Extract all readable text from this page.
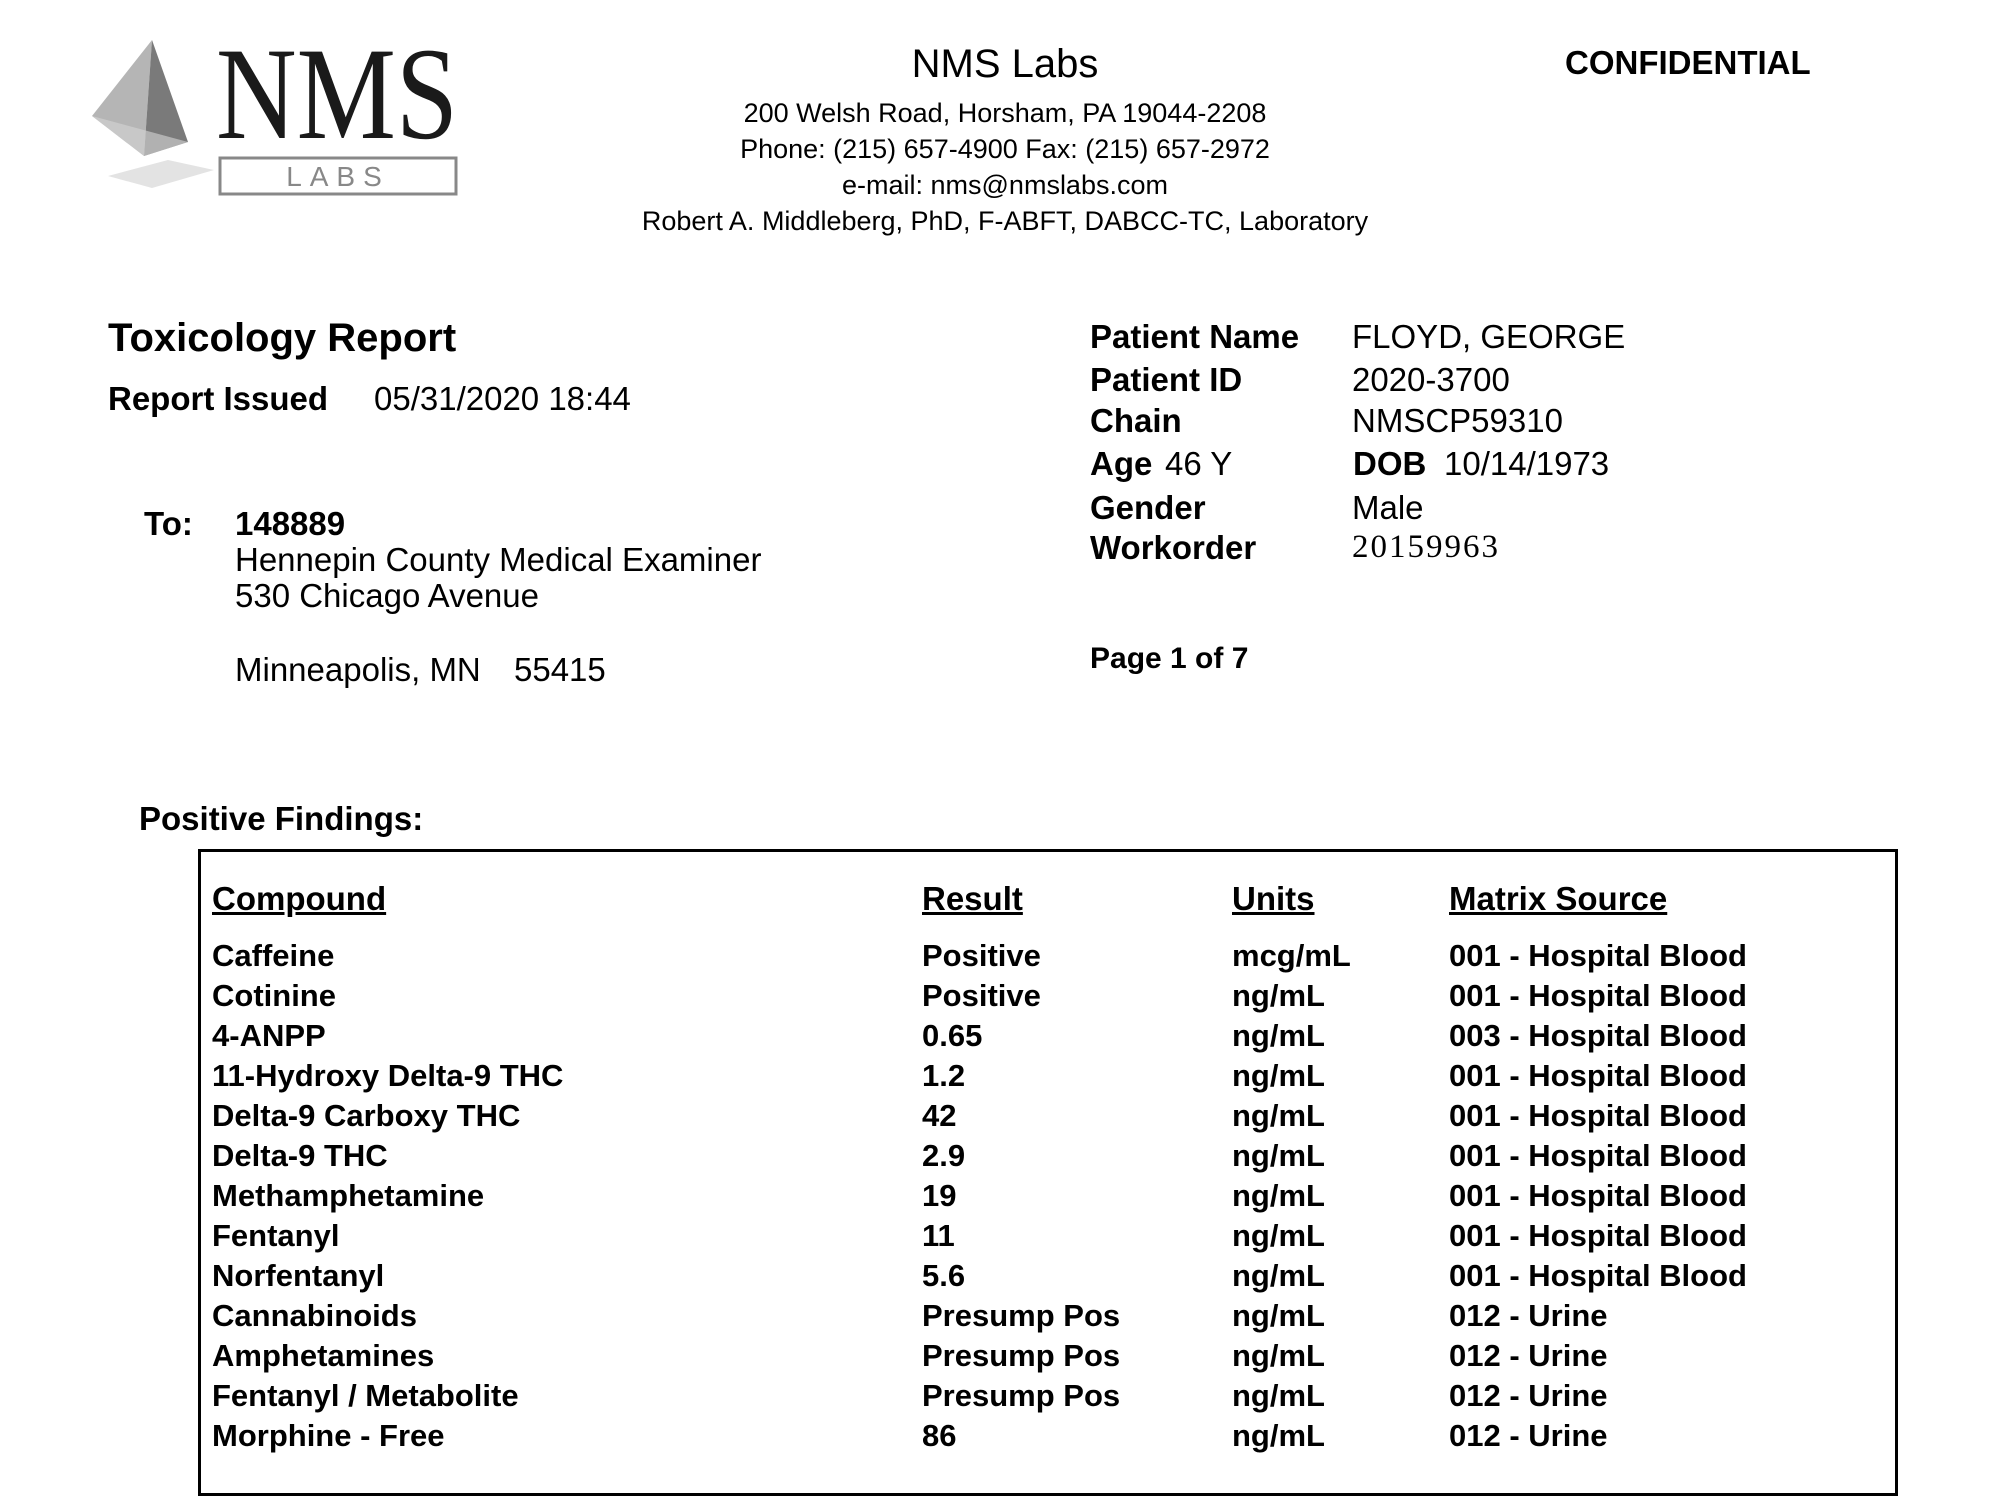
NMS
LABS
NMS Labs
200 Welsh Road, Horsham, PA 19044-2208
Phone: (215) 657-4900 Fax: (215) 657-2972
e-mail: nms@nmslabs.com
Robert A. Middleberg, PhD, F-ABFT, DABCC-TC, Laboratory
CONFIDENTIAL
Toxicology Report
Report Issued 05/31/2020 18:44
To: 148889
Hennepin County Medical Examiner
530 Chicago Avenue
Minneapolis, MN 55415
Patient Name FLOYD, GEORGE
Patient ID	2020-3700
Chain	NMSCP59310
Age 46 Y	DOB 10/14/1973
Gender	Male
Workorder	20159963
Page 1 of 7
Positive Findings:
Compound	Result	Units	Matrix Source
Caffeine	Positive	mcg/mL	001 - Hospital Blood
Cotinine	Positive	ng/mL	001 - Hospital Blood
4-ANPP	0.65	ng/mL	003 - Hospital Blood
11-Hydroxy Delta-9 THC	1.2	ng/mL	001 - Hospital Blood
Delta-9 Carboxy THC	42	ng/mL	001 - Hospital Blood
Delta-9 THC	2.9	ng/mL	001 - Hospital Blood
Methamphetamine	19	ng/mL	001 - Hospital Blood
Fentanyl	11	ng/mL	001 - Hospital Blood
Norfentanyl	5.6	ng/mL	001 - Hospital Blood
Cannabinoids	Presump Pos	ng/mL	012 - Urine
Amphetamines	Presump Pos	ng/mL	012 - Urine
Fentanyl / Metabolite	Presump Pos	ng/mL	012 - Urine
Morphine - Free	86	ng/mL	012 - Urine
